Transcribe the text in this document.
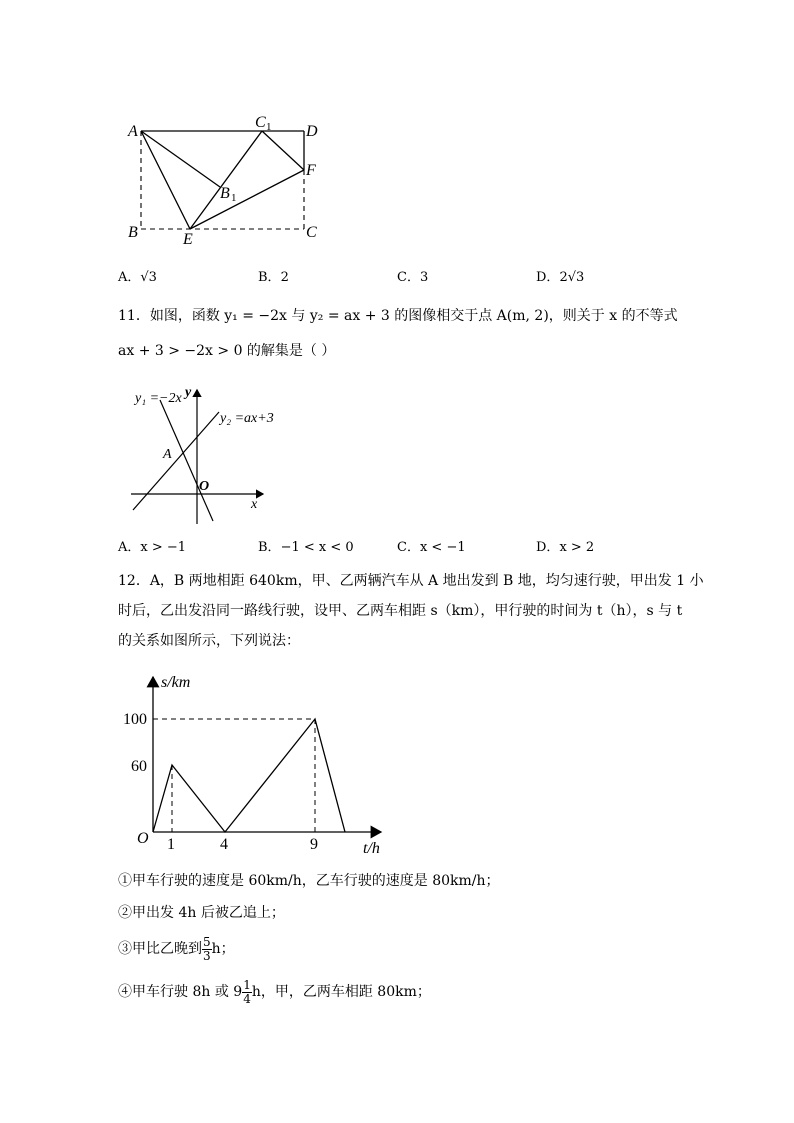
A
C 1 D
F
B 1
B	E	C
A．√3	B．2	C．3	D．2√3
11．如图，函数 y₁ = −2x 与 y₂ = ax + 3 的图像相交于点 A(m, 2)，则关于 x 的不等式
ax + 3 > −2x > 0 的解集是（ ）
y₁ =−2x
y₂ =ax+3
A
O
x
y
A．x > −1	B．−1 < x < 0	C．x < −1	D．x > 2
12．A，B 两地相距 640km，甲、乙两辆汽车从 A 地出发到 B 地，均匀速行驶，甲出发 1 小
时后，乙出发沿同一路线行驶，设甲、乙两车相距 s（km），甲行驶的时间为 t（h），s 与 t
的关系如图所示，下列说法：
s/km
t/h
O
100
60
1	4	9
①甲车行驶的速度是 60km/h，乙车行驶的速度是 80km/h；
②甲出发 4h 后被乙追上；
③甲比乙晚到 $\frac{5}{3}$ h；
④甲车行驶 8h 或 $9 \frac{1}{4}$ h，甲，乙两车相距 80km；
